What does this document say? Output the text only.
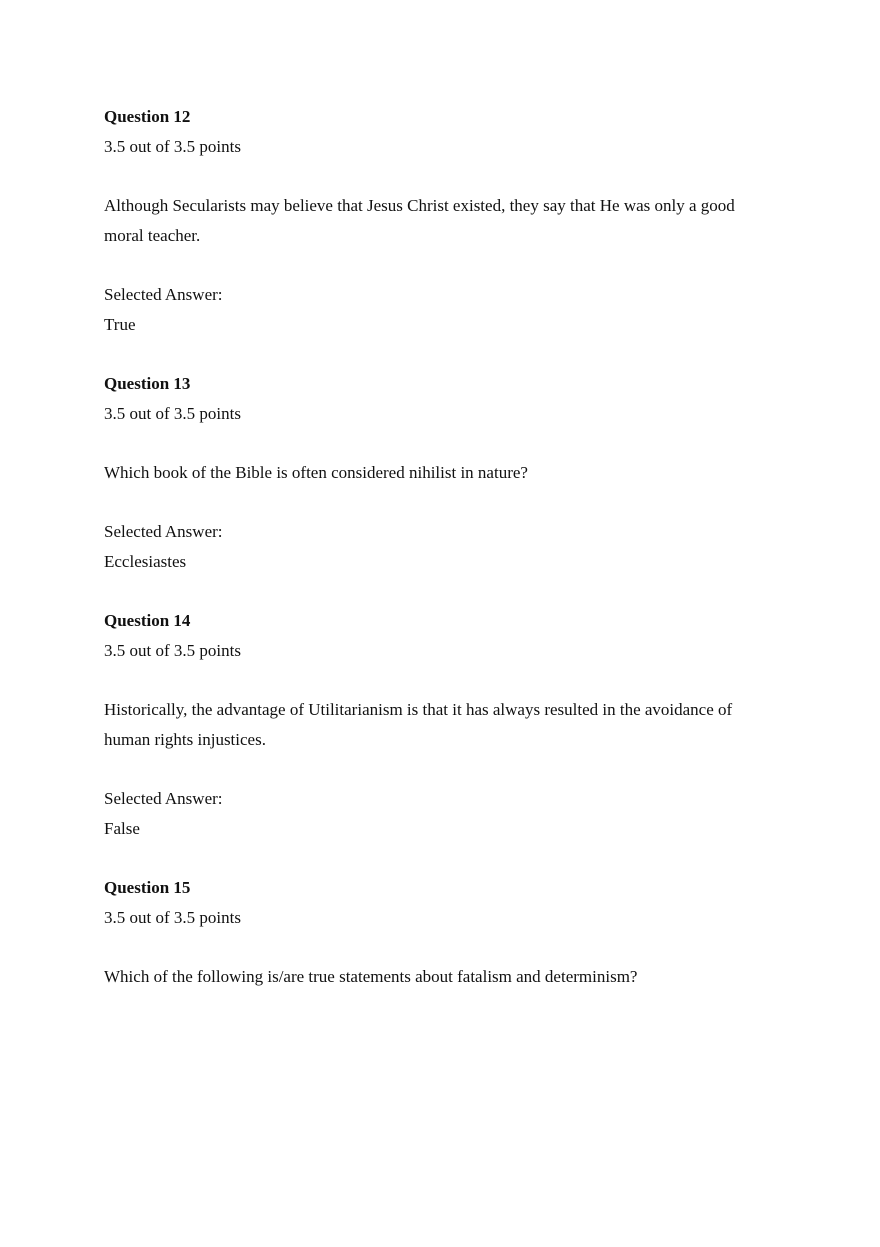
Question 12
3.5 out of 3.5 points
Although Secularists may believe that Jesus Christ existed, they say that He was only a good moral teacher.
Selected Answer:
True
Question 13
3.5 out of 3.5 points
Which book of the Bible is often considered nihilist in nature?
Selected Answer:
Ecclesiastes
Question 14
3.5 out of 3.5 points
Historically, the advantage of Utilitarianism is that it has always resulted in the avoidance of human rights injustices.
Selected Answer:
False
Question 15
3.5 out of 3.5 points
Which of the following is/are true statements about fatalism and determinism?
